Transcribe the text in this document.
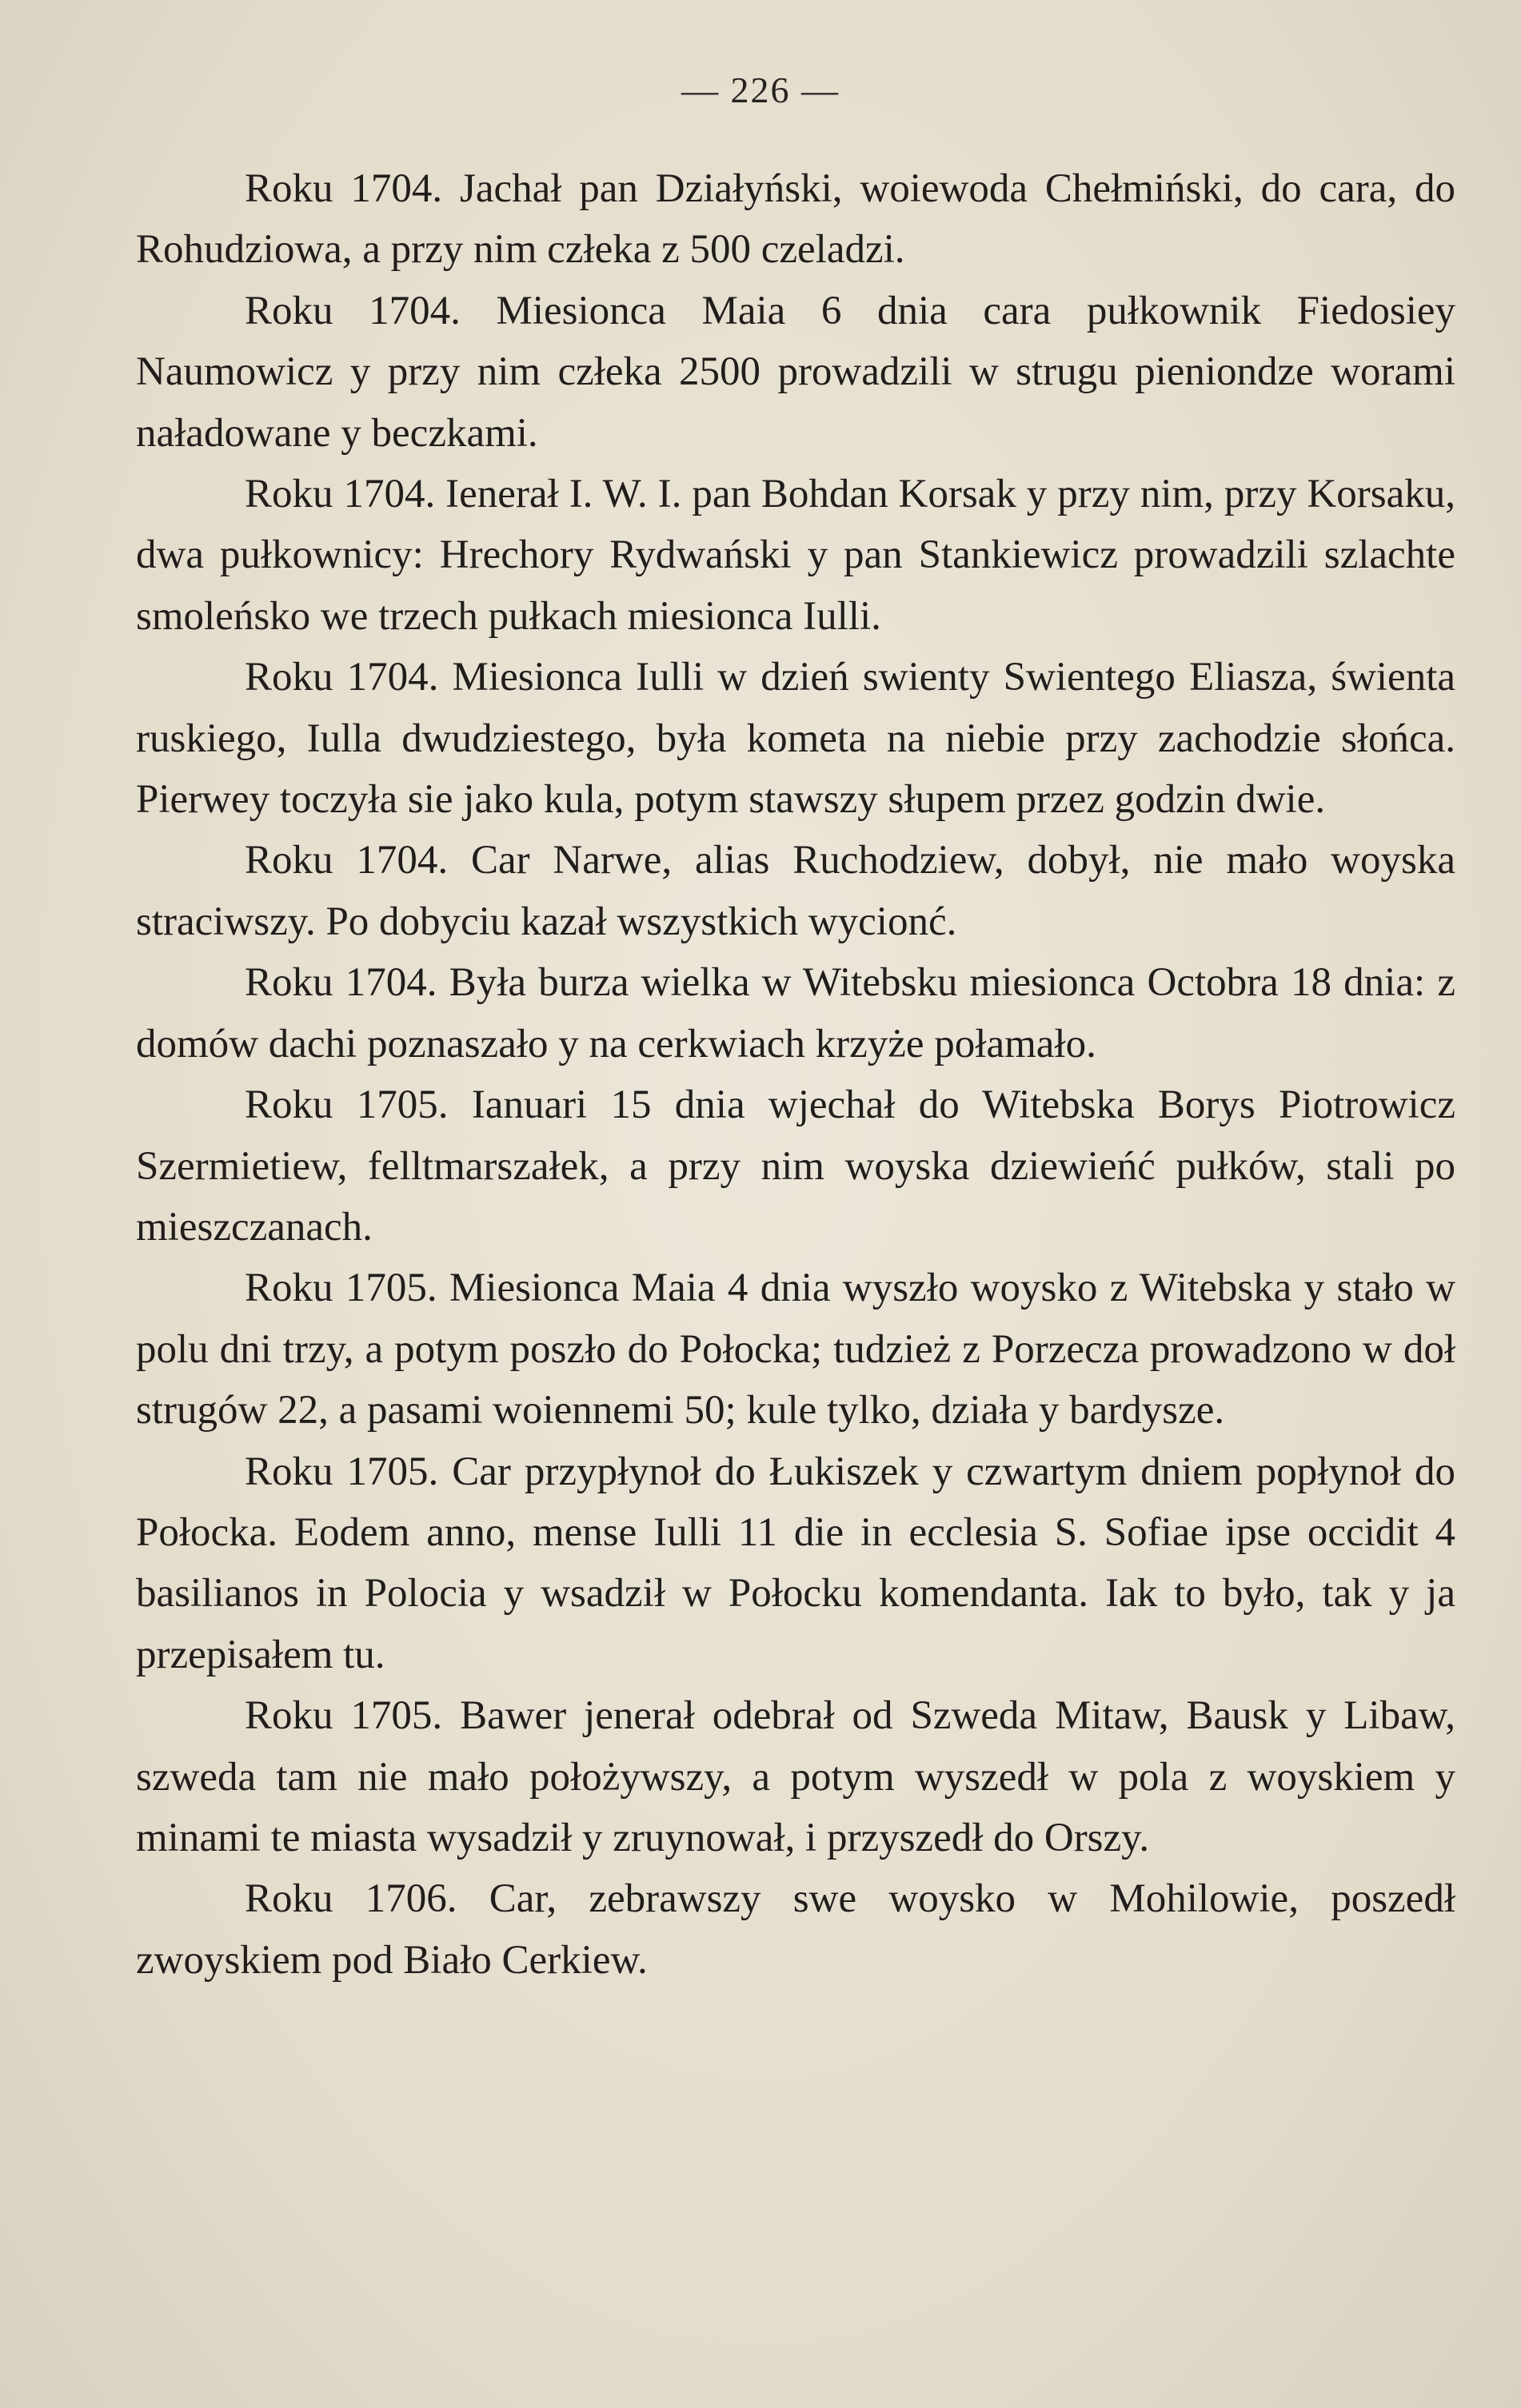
— 226 —

Roku 1704. Jachał pan Działyński, woiewoda Chełmiński, do cara, do Rohudziowa, a przy nim człeka z 500 czeladzi.

Roku 1704. Miesionca Maia 6 dnia cara pułkownik Fiedosiey Naumowicz y przy nim człeka 2500 prowadzili w strugu pieniondze worami naładowane y beczkami.

Roku 1704. Ienerał I. W. I. pan Bohdan Korsak y przy nim, przy Korsaku, dwa pułkownicy: Hrechory Rydwański y pan Stankiewicz prowadzili szlachte smoleńsko we trzech pułkach miesionca Iulli.

Roku 1704. Miesionca Iulli w dzień swienty Swientego Eliasza, świenta ruskiego, Iulla dwudziestego, była kometa na niebie przy zachodzie słońca. Pierwey toczyła sie jako kula, potym stawszy słupem przez godzin dwie.

Roku 1704. Car Narwe, alias Ruchodziew, dobył, nie mało woyska straciwszy. Po dobyciu kazał wszystkich wycionć.

Roku 1704. Była burza wielka w Witebsku miesionca Octobra 18 dnia: z domów dachi poznaszało y na cerkwiach krzyże połamało.

Roku 1705. Ianuari 15 dnia wjechał do Witebska Borys Piotrowicz Szermietiew, felltmarszałek, a przy nim woyska dziewieńć pułków, stali po mieszczanach.

Roku 1705. Miesionca Maia 4 dnia wyszło woysko z Witebska y stało w polu dni trzy, a potym poszło do Połocka; tudzież z Porzecza prowadzono w doł strugów 22, a pasami woiennemi 50; kule tylko, działa y bardysze.

Roku 1705. Car przypłynoł do Łukiszek y czwartym dniem popłynoł do Połocka. Eodem anno, mense Iulli 11 die in ecclesia S. Sofiae ipse occidit 4 basilianos in Polocia y wsadził w Połocku komendanta. Iak to było, tak y ja przepisałem tu.

Roku 1705. Bawer jenerał odebrał od Szweda Mitaw, Bausk y Libaw, szweda tam nie mało położywszy, a potym wyszedł w pola z woyskiem y minami te miasta wysadził y zruynował, i przyszedł do Orszy.

Roku 1706. Car, zebrawszy swe woysko w Mohilowie, poszedł zwoyskiem pod Biało Cerkiew.
